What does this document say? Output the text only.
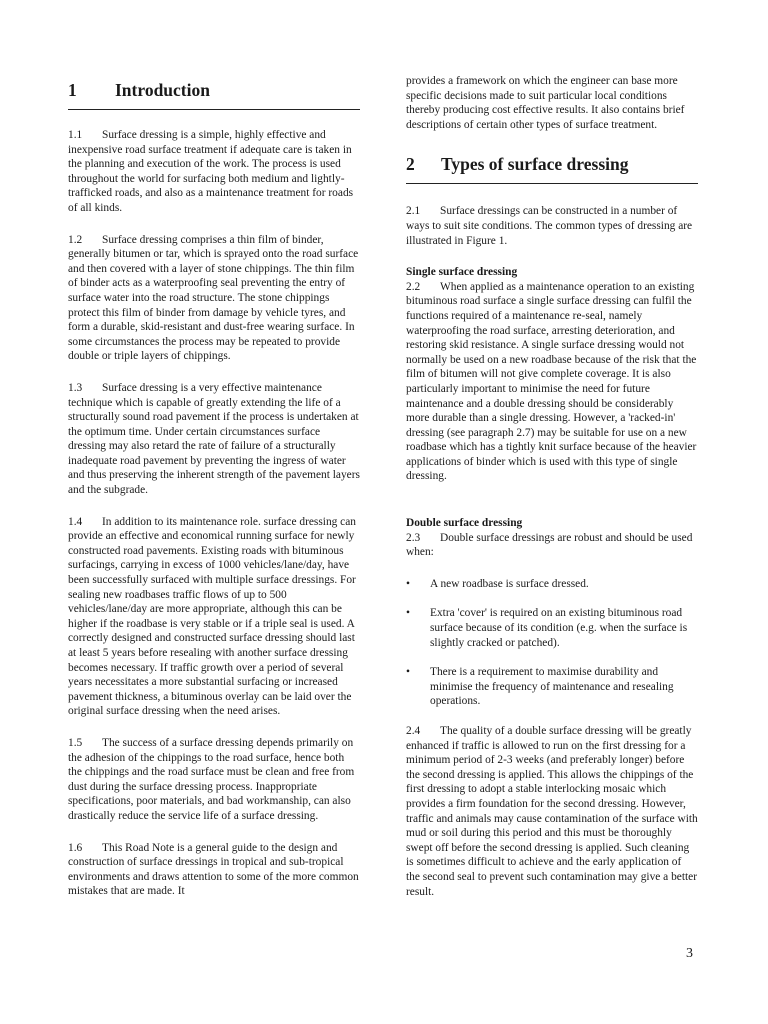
1	Introduction

1.1 Surface dressing is a simple, highly effective and inexpensive road surface treatment if adequate care is taken in the planning and execution of the work. The process is used throughout the world for surfacing both medium and lightly-trafficked roads, and also as a maintenance treatment for roads of all kinds.

1.2 Surface dressing comprises a thin film of binder, generally bitumen or tar, which is sprayed onto the road surface and then covered with a layer of stone chippings. The thin film of binder acts as a waterproofing seal preventing the entry of surface water into the road structure. The stone chippings protect this film of binder from damage by vehicle tyres, and form a durable, skid-resistant and dust-free wearing surface. In some circumstances the process may be repeated to provide double or triple layers of chippings.

1.3 Surface dressing is a very effective maintenance technique which is capable of greatly extending the life of a structurally sound road pavement if the process is undertaken at the optimum time. Under certain circumstances surface dressing may also retard the rate of failure of a structurally inadequate road pavement by preventing the ingress of water and thus preserving the inherent strength of the pavement layers and the subgrade.

1.4 In addition to its maintenance role. surface dressing can provide an effective and economical running surface for newly constructed road pavements. Existing roads with bituminous surfacings, carrying in excess of 1000 vehicles/lane/day, have been successfully surfaced with multiple surface dressings. For sealing new roadbases traffic flows of up to 500 vehicles/lane/day are more appropriate, although this can be higher if the roadbase is very stable or if a triple seal is used. A correctly designed and constructed surface dressing should last at least 5 years before resealing with another surface dressing becomes necessary. If traffic growth over a period of several years necessitates a more substantial surfacing or increased pavement thickness, a bituminous overlay can be laid over the original surface dressing when the need arises.

1.5 The success of a surface dressing depends primarily on the adhesion of the chippings to the road surface, hence both the chippings and the road surface must be clean and free from dust during the surface dressing process. Inappropriate specifications, poor materials, and bad workmanship, can also drastically reduce the service life of a surface dressing.

1.6 This Road Note is a general guide to the design and construction of surface dressings in tropical and sub-tropical environments and draws attention to some of the more common mistakes that are made. It

provides a framework on which the engineer can base more specific decisions made to suit particular local conditions thereby producing cost effective results. It also contains brief descriptions of certain other types of surface treatment.

2	Types of surface dressing

2.1 Surface dressings can be constructed in a number of ways to suit site conditions. The common types of dressing are illustrated in Figure 1.

Single surface dressing

2.2 When applied as a maintenance operation to an existing bituminous road surface a single surface dressing can fulfil the functions required of a maintenance re-seal, namely waterproofing the road surface, arresting deterioration, and restoring skid resistance. A single surface dressing would not normally be used on a new roadbase because of the risk that the film of bitumen will not give complete coverage. It is also particularly important to minimise the need for future maintenance and a double dressing should be considerably more durable than a single dressing. However, a 'racked-in' dressing (see paragraph 2.7) may be suitable for use on a new roadbase which has a tightly knit surface because of the heavier applications of binder which is used with this type of single dressing.

Double surface dressing

2.3 Double surface dressings are robust and should be used when:

• A new roadbase is surface dressed.
• Extra 'cover' is required on an existing bituminous road surface because of its condition (e.g. when the surface is slightly cracked or patched).
• There is a requirement to maximise durability and minimise the frequency of maintenance and resealing operations.

2.4 The quality of a double surface dressing will be greatly enhanced if traffic is allowed to run on the first dressing for a minimum period of 2-3 weeks (and preferably longer) before the second dressing is applied. This allows the chippings of the first dressing to adopt a stable interlocking mosaic which provides a firm foundation for the second dressing. However, traffic and animals may cause contamination of the surface with mud or soil during this period and this must be thoroughly swept off before the second dressing is applied. Such cleaning is sometimes difficult to achieve and the early application of the second seal to prevent such contamination may give a better result.

3
